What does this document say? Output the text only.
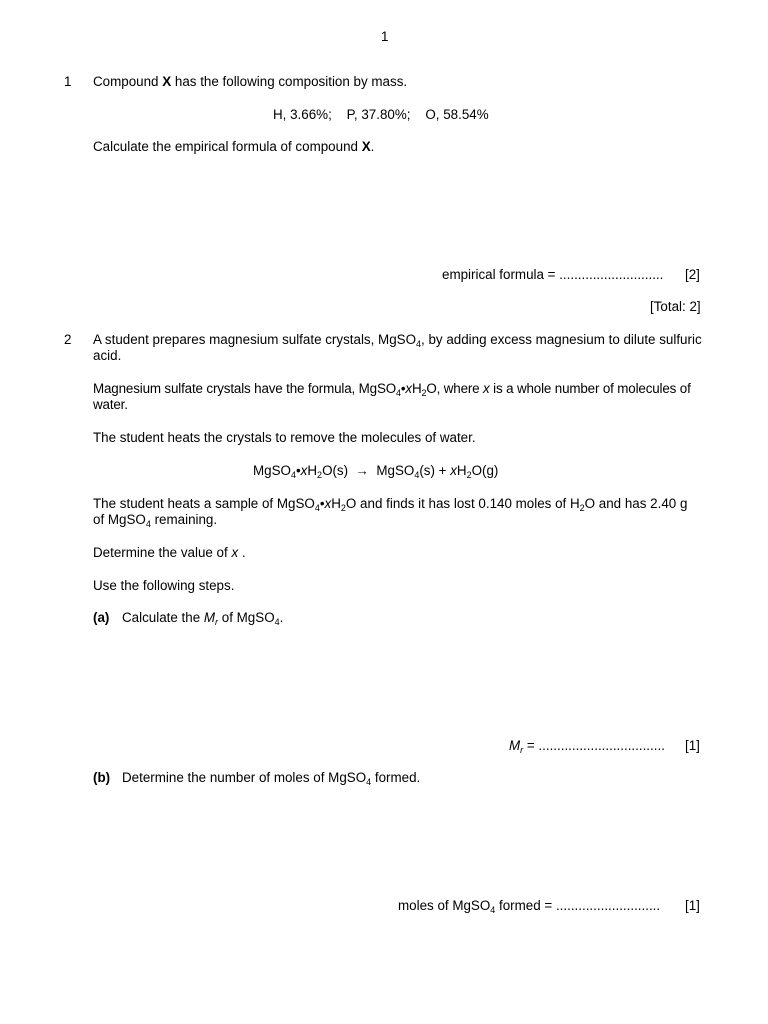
1
1 Compound X has the following composition by mass.
H, 3.66%;    P, 37.80%;    O, 58.54%
Calculate the empirical formula of compound X.
empirical formula = ............................ [2]
[Total: 2]
2 A student prepares magnesium sulfate crystals, MgSO$_4$, by adding excess magnesium to dilute sulfuric acid.
Magnesium sulfate crystals have the formula, $MgSO_4•xH_2O$, where x is a whole number of molecules of water.
The student heats the crystals to remove the molecules of water.
$MgSO_4•xH_2O(s)$  →  MgSO$_4$(s) + $xH_2O(g)$
The student heats a sample of $MgSO_4•xH_2O$ and finds it has lost 0.140 moles of $H_2O$ and has 2.40 g of MgSO$_4$ remaining.
Determine the value of x .
Use the following steps.
(a) Calculate the $M_r$ of MgSO$_4$.
$M_r$ = .................................. [1]
(b) Determine the number of moles of MgSO$_4$ formed.
moles of MgSO$_4$ formed = ............................ [1]
